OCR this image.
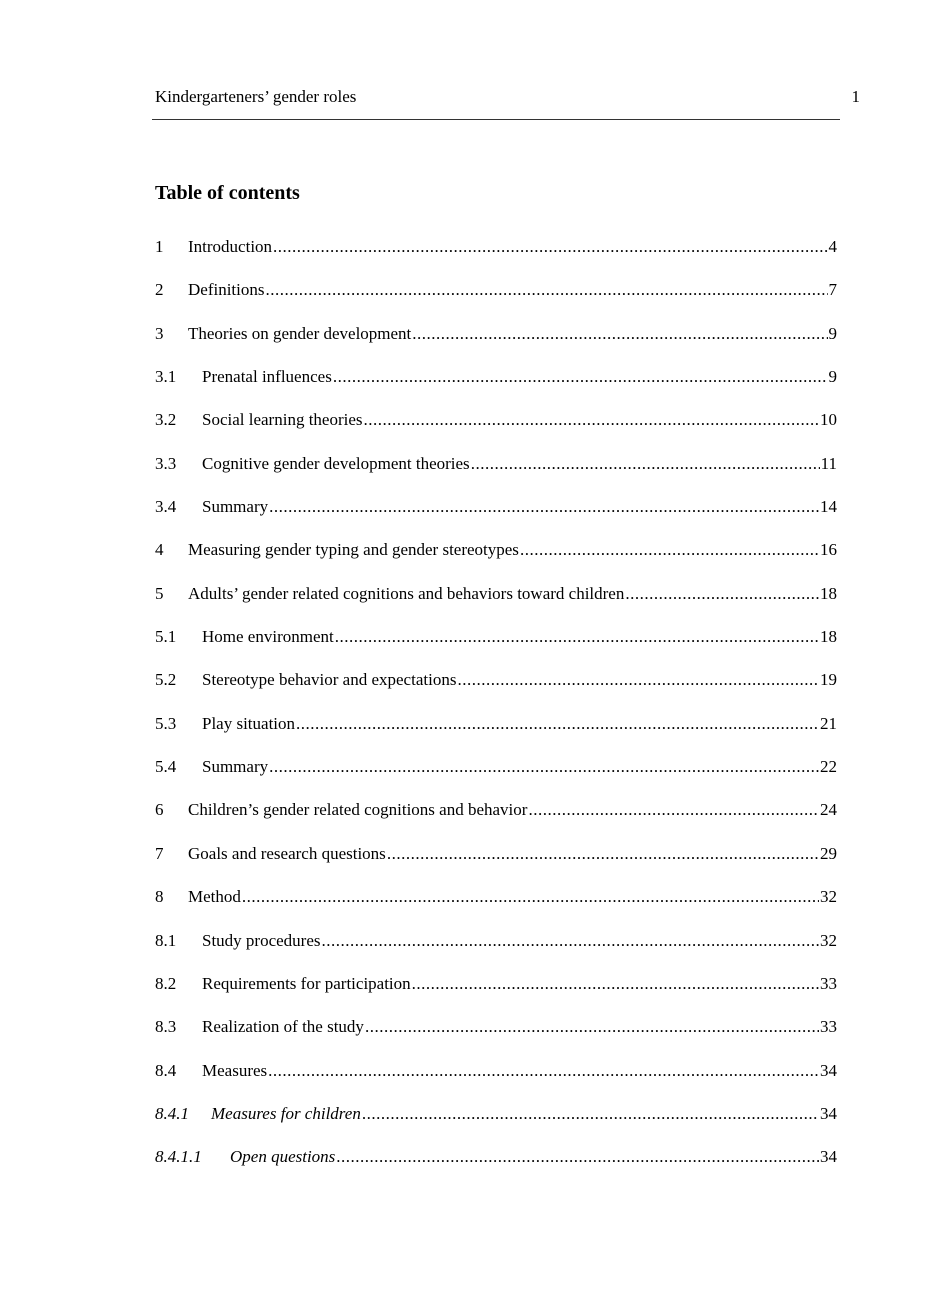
Kindergarteners’ gender roles	1
Table of contents
1	Introduction .....	4
2	Definitions .....	7
3	Theories on gender development .....	9
3.1	Prenatal influences .....	9
3.2	Social learning theories .....	10
3.3	Cognitive gender development theories .....	11
3.4	Summary .....	14
4	Measuring gender typing and gender stereotypes .....	16
5	Adults’ gender related cognitions and behaviors toward children .....	18
5.1	Home environment .....	18
5.2	Stereotype behavior and expectations .....	19
5.3	Play situation .....	21
5.4	Summary .....	22
6	Children’s gender related cognitions and behavior .....	24
7	Goals and research questions .....	29
8	Method .....	32
8.1	Study procedures .....	32
8.2	Requirements for participation .....	33
8.3	Realization of the study .....	33
8.4	Measures .....	34
8.4.1	Measures for children .....	34
8.4.1.1	Open questions .....	34
